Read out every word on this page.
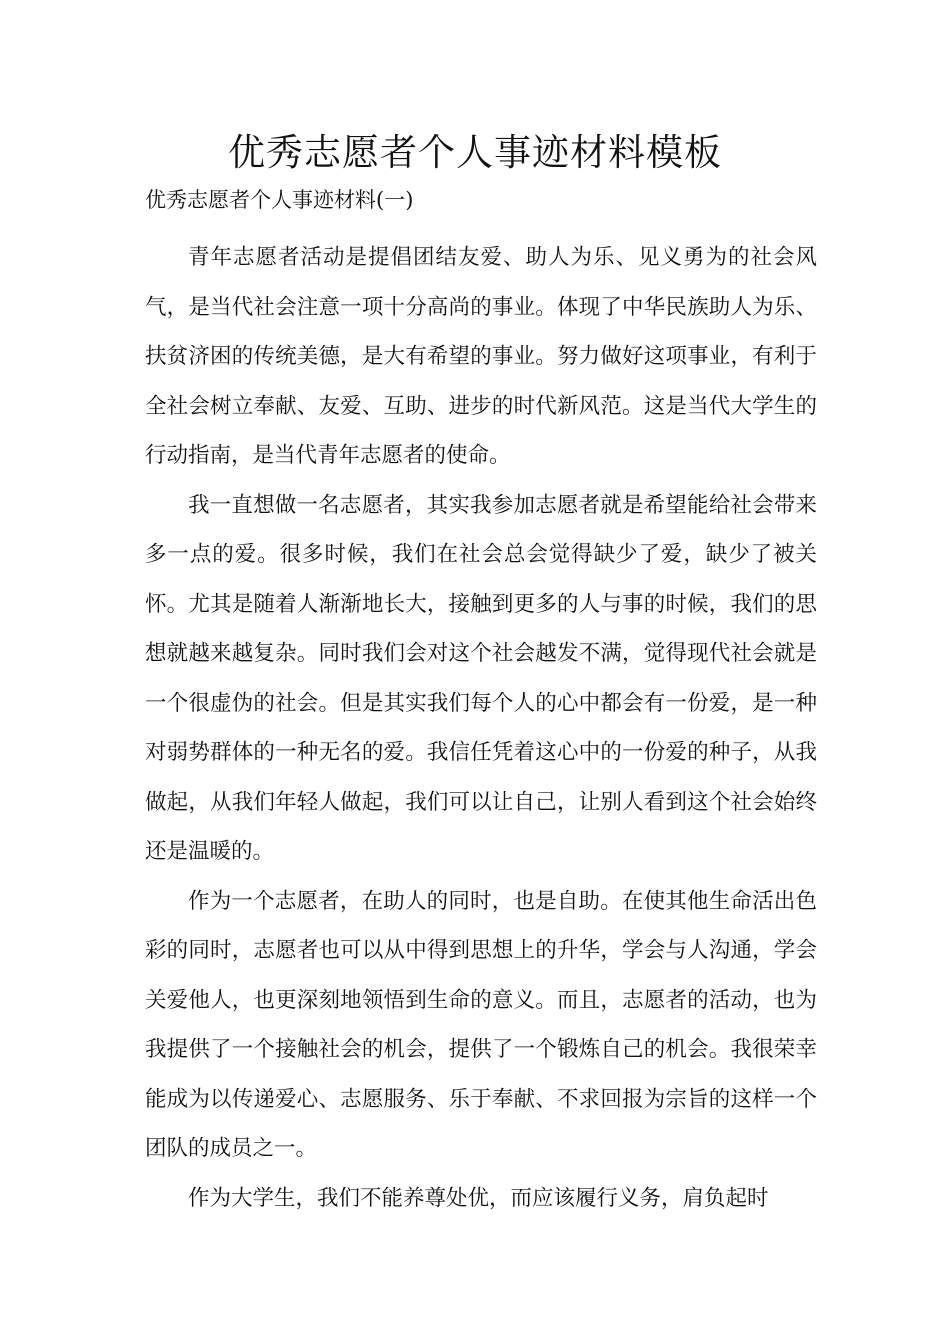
优秀志愿者个人事迹材料模板

优秀志愿者个人事迹材料(一)

青年志愿者活动是提倡团结友爱、助人为乐、见义勇为的社会风气，是当代社会注意一项十分高尚的事业。体现了中华民族助人为乐、扶贫济困的传统美德，是大有希望的事业。努力做好这项事业，有利于全社会树立奉献、友爱、互助、进步的时代新风范。这是当代大学生的行动指南，是当代青年志愿者的使命。

我一直想做一名志愿者，其实我参加志愿者就是希望能给社会带来多一点的爱。很多时候，我们在社会总会觉得缺少了爱，缺少了被关怀。尤其是随着人渐渐地长大，接触到更多的人与事的时候，我们的思想就越来越复杂。同时我们会对这个社会越发不满，觉得现代社会就是一个很虚伪的社会。但是其实我们每个人的心中都会有一份爱，是一种对弱势群体的一种无名的爱。我信任凭着这心中的一份爱的种子，从我做起，从我们年轻人做起，我们可以让自己，让别人看到这个社会始终还是温暖的。

作为一个志愿者，在助人的同时，也是自助。在使其他生命活出色彩的同时，志愿者也可以从中得到思想上的升华，学会与人沟通，学会关爱他人，也更深刻地领悟到生命的意义。而且，志愿者的活动，也为我提供了一个接触社会的机会，提供了一个锻炼自己的机会。我很荣幸能成为以传递爱心、志愿服务、乐于奉献、不求回报为宗旨的这样一个团队的成员之一。

作为大学生，我们不能养尊处优，而应该履行义务，肩负起时
